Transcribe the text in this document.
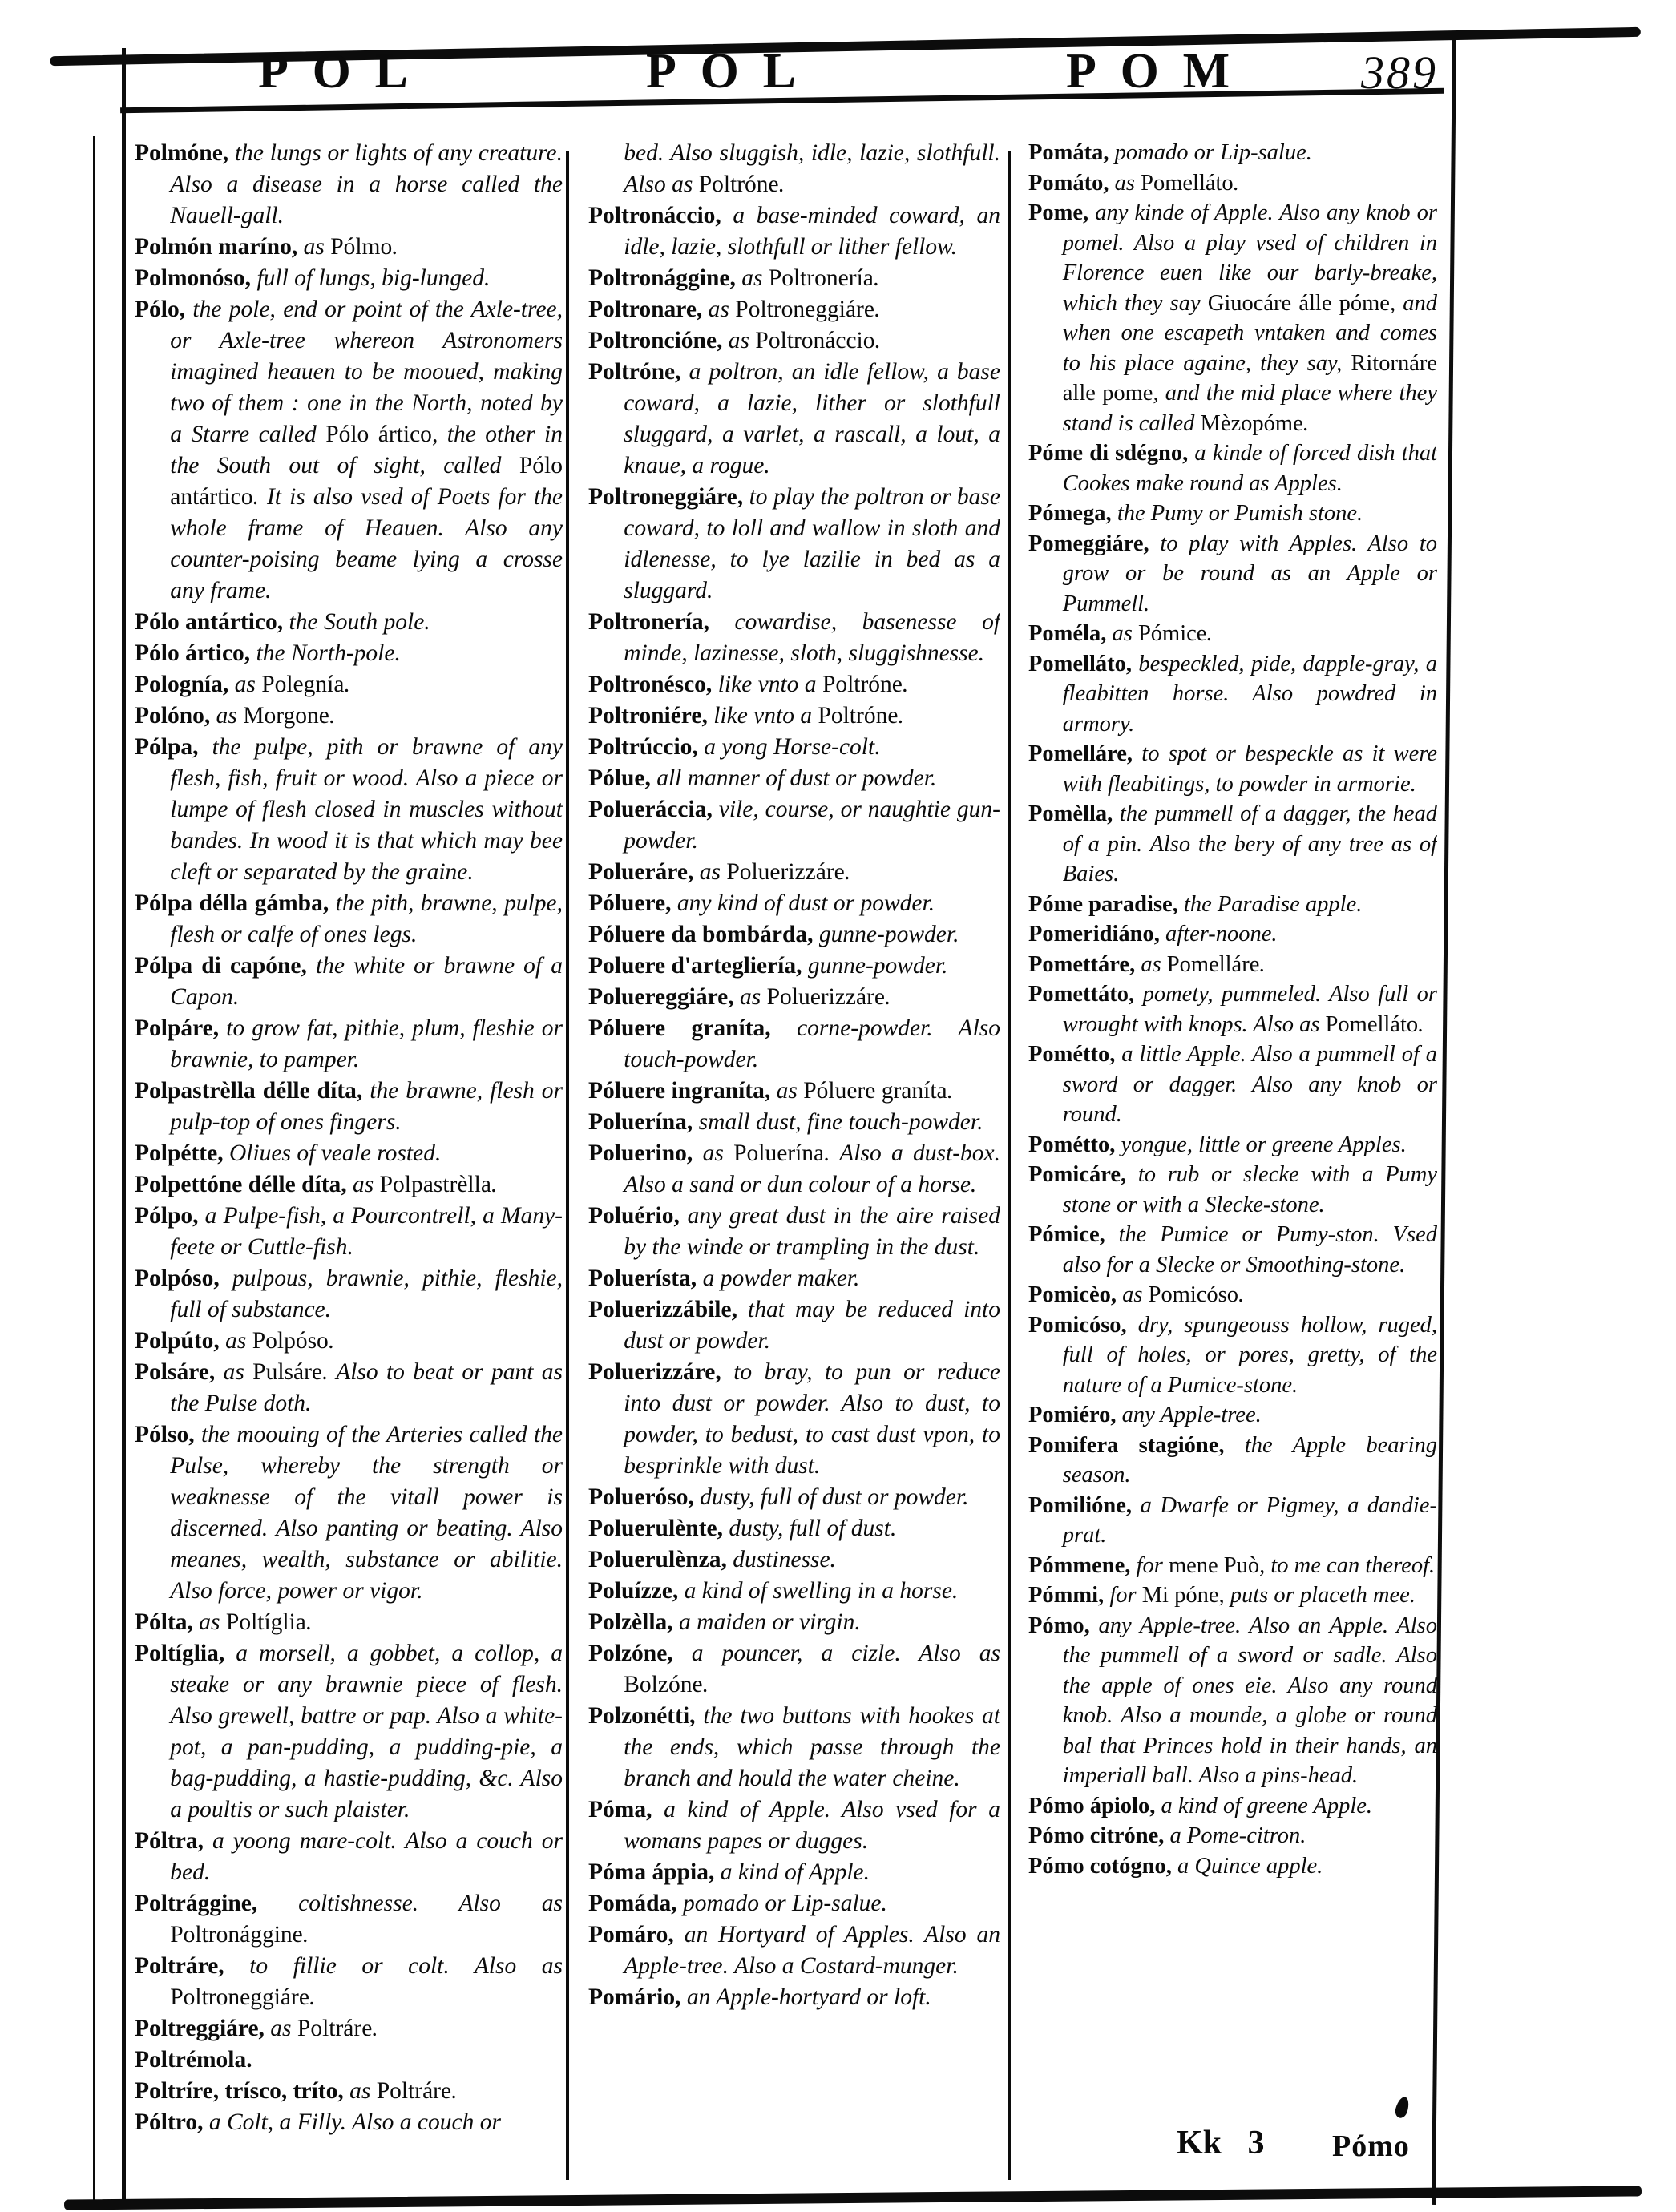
POL	POL	POM 389
Polmóne, the lungs or lights of any creature. Also a disease in a horse called the Nauell-gall.
Polmón maríno, as Pólmo.
Polmonóso, full of lungs, big-lunged.
Pólo, the pole, end or point of the Axle-tree, or Axle-tree whereon Astronomers imagined heauen to be mooued, making two of them : one in the North, noted by a Starre called Pólo ártico, the other in the South out of sight, called Pólo antártico. It is also vsed of Poets for the whole frame of Heauen. Also any counter-poising beame lying a crosse any frame.
Pólo antártico, the South pole.
Pólo ártico, the North-pole.
Polognía, as Polegnía.
Polóno, as Morgone.
Pólpa, the pulpe, pith or brawne of any flesh, fish, fruit or wood. Also a piece or lumpe of flesh closed in muscles without bandes. In wood it is that which may bee cleft or separated by the graine.
Pólpa délla gámba, the pith, brawne, pulpe, flesh or calfe of ones legs.
Pólpa di capóne, the white or brawne of a Capon.
Polpáre, to grow fat, pithie, plum, fleshie or brawnie, to pamper.
Polpastrèlla délle díta, the brawne, flesh or pulp-top of ones fingers.
Polpétte, Oliues of veale rosted.
Polpettóne délle díta, as Polpastrèlla.
Pólpo, a Pulpe-fish, a Pourcontrell, a Many-feete or Cuttle-fish.
Polpóso, pulpous, brawnie, pithie, fleshie, full of substance.
Polpúto, as Polpóso.
Polsáre, as Pulsáre. Also to beat or pant as the Pulse doth.
Pólso, the moouing of the Arteries called the Pulse, whereby the strength or weaknesse of the vitall power is discerned. Also panting or beating. Also meanes, wealth, substance or abilitie. Also force, power or vigor.
Pólta, as Poltíglia.
Poltíglia, a morsell, a gobbet, a collop, a steake or any brawnie piece of flesh. Also grewell, battre or pap. Also a white-pot, a pan-pudding, a pudding-pie, a bag-pudding, a hastie-pudding, &c. Also a poultis or such plaister.
Póltra, a yoong mare-colt. Also a couch or bed.
Poltrággine, coltishnesse. Also as Poltronággine.
Poltráre, to fillie or colt. Also as Poltroneggiáre.
Poltreggiáre, as Poltráre.
Poltrémola.
Poltríre, trísco, tríto, as Poltráre.
Póltro, a Colt, a Filly. Also a couch or
bed. Also sluggish, idle, lazie, slothfull. Also as Poltróne.
Poltronáccio, a base-minded coward, an idle, lazie, slothfull or lither fellow.
Poltronággine, as Poltronería.
Poltronare, as Poltroneggiáre.
Poltroncióne, as Poltronáccio.
Poltróne, a poltron, an idle fellow, a base coward, a lazie, lither or slothfull sluggard, a varlet, a rascall, a lout, a knaue, a rogue.
Poltroneggiáre, to play the poltron or base coward, to loll and wallow in sloth and idlenesse, to lye lazilie in bed as a sluggard.
Poltronería, cowardise, basenesse of minde, lazinesse, sloth, sluggishnesse.
Poltronésco, like vnto a Poltróne.
Poltroniére, like vnto a Poltróne.
Poltrúccio, a yong Horse-colt.
Pólue, all manner of dust or powder.
Polueráccia, vile, course, or naughtie gun-powder.
Polueráre, as Poluerizzáre.
Póluere, any kind of dust or powder.
Póluere da bombárda, gunne-powder.
Poluere d'artegliería, gunne-powder.
Poluereggiáre, as Poluerizzáre.
Póluere graníta, corne-powder. Also touch-powder.
Póluere ingraníta, as Póluere graníta.
Poluerína, small dust, fine touch-powder.
Poluerino, as Poluerína. Also a dust-box. Also a sand or dun colour of a horse.
Poluério, any great dust in the aire raised by the winde or trampling in the dust.
Poluerísta, a powder maker.
Poluerizzábile, that may be reduced into dust or powder.
Poluerizzáre, to bray, to pun or reduce into dust or powder. Also to dust, to powder, to bedust, to cast dust vpon, to besprinkle with dust.
Polueróso, dusty, full of dust or powder.
Poluerulènte, dusty, full of dust.
Poluerulènza, dustinesse.
Poluízze, a kind of swelling in a horse.
Polzèlla, a maiden or virgin.
Polzóne, a pouncer, a cizle. Also as Bolzóne.
Polzonétti, the two buttons with hookes at the ends, which passe through the branch and hould the water cheine.
Póma, a kind of Apple. Also vsed for a womans papes or dugges.
Póma áppia, a kind of Apple.
Pomáda, pomado or Lip-salue.
Pomáro, an Hortyard of Apples. Also an Apple-tree. Also a Costard-munger.
Pomário, an Apple-hortyard or loft.
Pomáta, pomado or Lip-salue.
Pomáto, as Pomelláto.
Pome, any kinde of Apple. Also any knob or pomel. Also a play vsed of children in Florence euen like our barly-breake, which they say Giuocáre álle póme, and when one escapeth vntaken and comes to his place againe, they say, Ritornáre alle pome, and the mid place where they stand is called Mèzopóme.
Póme di sdégno, a kinde of forced dish that Cookes make round as Apples.
Pómega, the Pumy or Pumish stone.
Pomeggiáre, to play with Apples. Also to grow or be round as an Apple or Pummell.
Poméla, as Pómice.
Pomelláto, bespeckled, pide, dapple-gray, a fleabitten horse. Also powdred in armory.
Pomelláre, to spot or bespeckle as it were with fleabitings, to powder in armorie.
Pomèlla, the pummell of a dagger, the head of a pin. Also the bery of any tree as of Baies.
Póme paradise, the Paradise apple.
Pomeridiáno, after-noone.
Pomettáre, as Pomelláre.
Pomettáto, pomety, pummeled. Also full or wrought with knops. Also as Pomelláto.
Pométto, a little Apple. Also a pummell of a sword or dagger. Also any knob or round.
Pométto, yongue, little or greene Apples.
Pomicáre, to rub or slecke with a Pumy stone or with a Slecke-stone.
Pómice, the Pumice or Pumy-ston. Vsed also for a Slecke or Smoothing-stone.
Pomicèo, as Pomicóso.
Pomicóso, dry, spungeouss hollow, ruged, full of holes, or pores, gretty, of the nature of a Pumice-stone.
Pomiéro, any Apple-tree.
Pomifera stagióne, the Apple bearing season.
Pomilióne, a Dwarfe or Pigmey, a dandie-prat.
Pómmene, for mene Può, to me can thereof.
Pómmi, for Mi póne, puts or placeth mee.
Pómo, any Apple-tree. Also an Apple. Also the pummell of a sword or sadle. Also the apple of ones eie. Also any round knob. Also a mounde, a globe or round bal that Princes hold in their hands, an imperiall ball. Also a pins-head.
Pómo ápiolo, a kind of greene Apple.
Pómo citróne, a Pome-citron.
Pómo cotógno, a Quince apple.
Kk 3 Pómo
